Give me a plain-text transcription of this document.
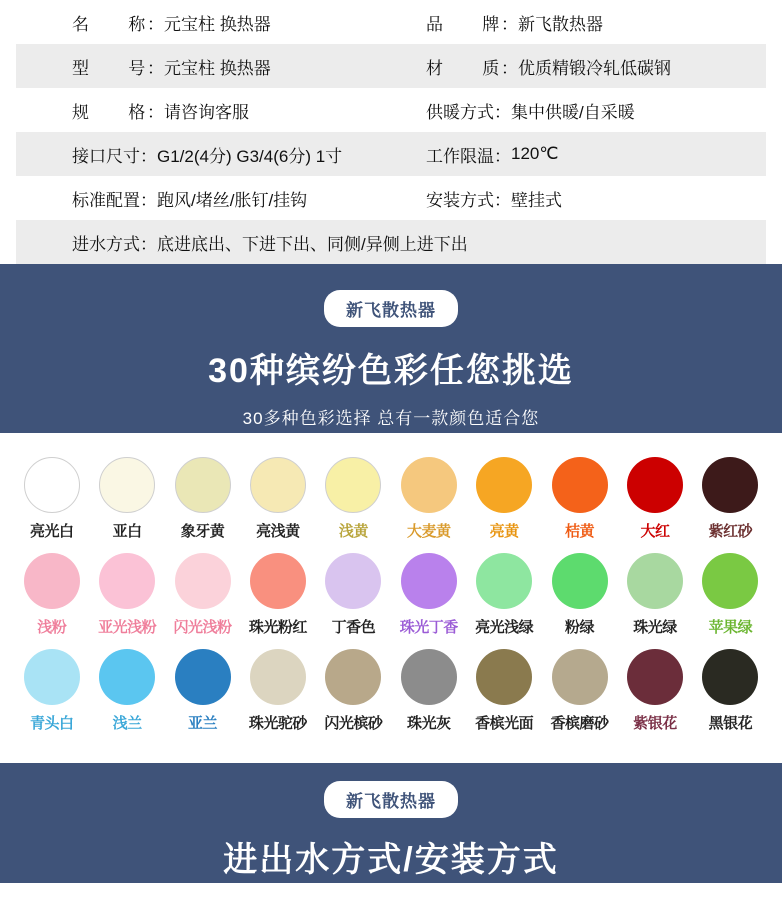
名　　称： 元宝柱 换热器	品　　牌： 新飞散热器
型　　号： 元宝柱 换热器	材　　质： 优质精锻冷轧低碳钢
规　　格： 请咨询客服	供暖方式： 集中供暖/自采暖
接口尺寸： G1/2(4分) G3/4(6分) 1寸	工作限温： 120℃
标准配置： 跑风/堵丝/胀钉/挂钩	安装方式： 壁挂式
进水方式： 底进底出、下进下出、同侧/异侧上进下出
新飞散热器
30种缤纷色彩任您挑选
30多种色彩选择 总有一款颜色适合您
亮光白	亚白	象牙黄	亮浅黄	浅黄	大麦黄	亮黄	桔黄	大红	紫红砂
浅粉	亚光浅粉	闪光浅粉	珠光粉红	丁香色	珠光丁香	亮光浅绿	粉绿	珠光绿	苹果绿
青头白	浅兰	亚兰	珠光驼砂	闪光槟砂	珠光灰	香槟光面	香槟磨砂	紫银花	黑银花
新飞散热器
进出水方式/安装方式
